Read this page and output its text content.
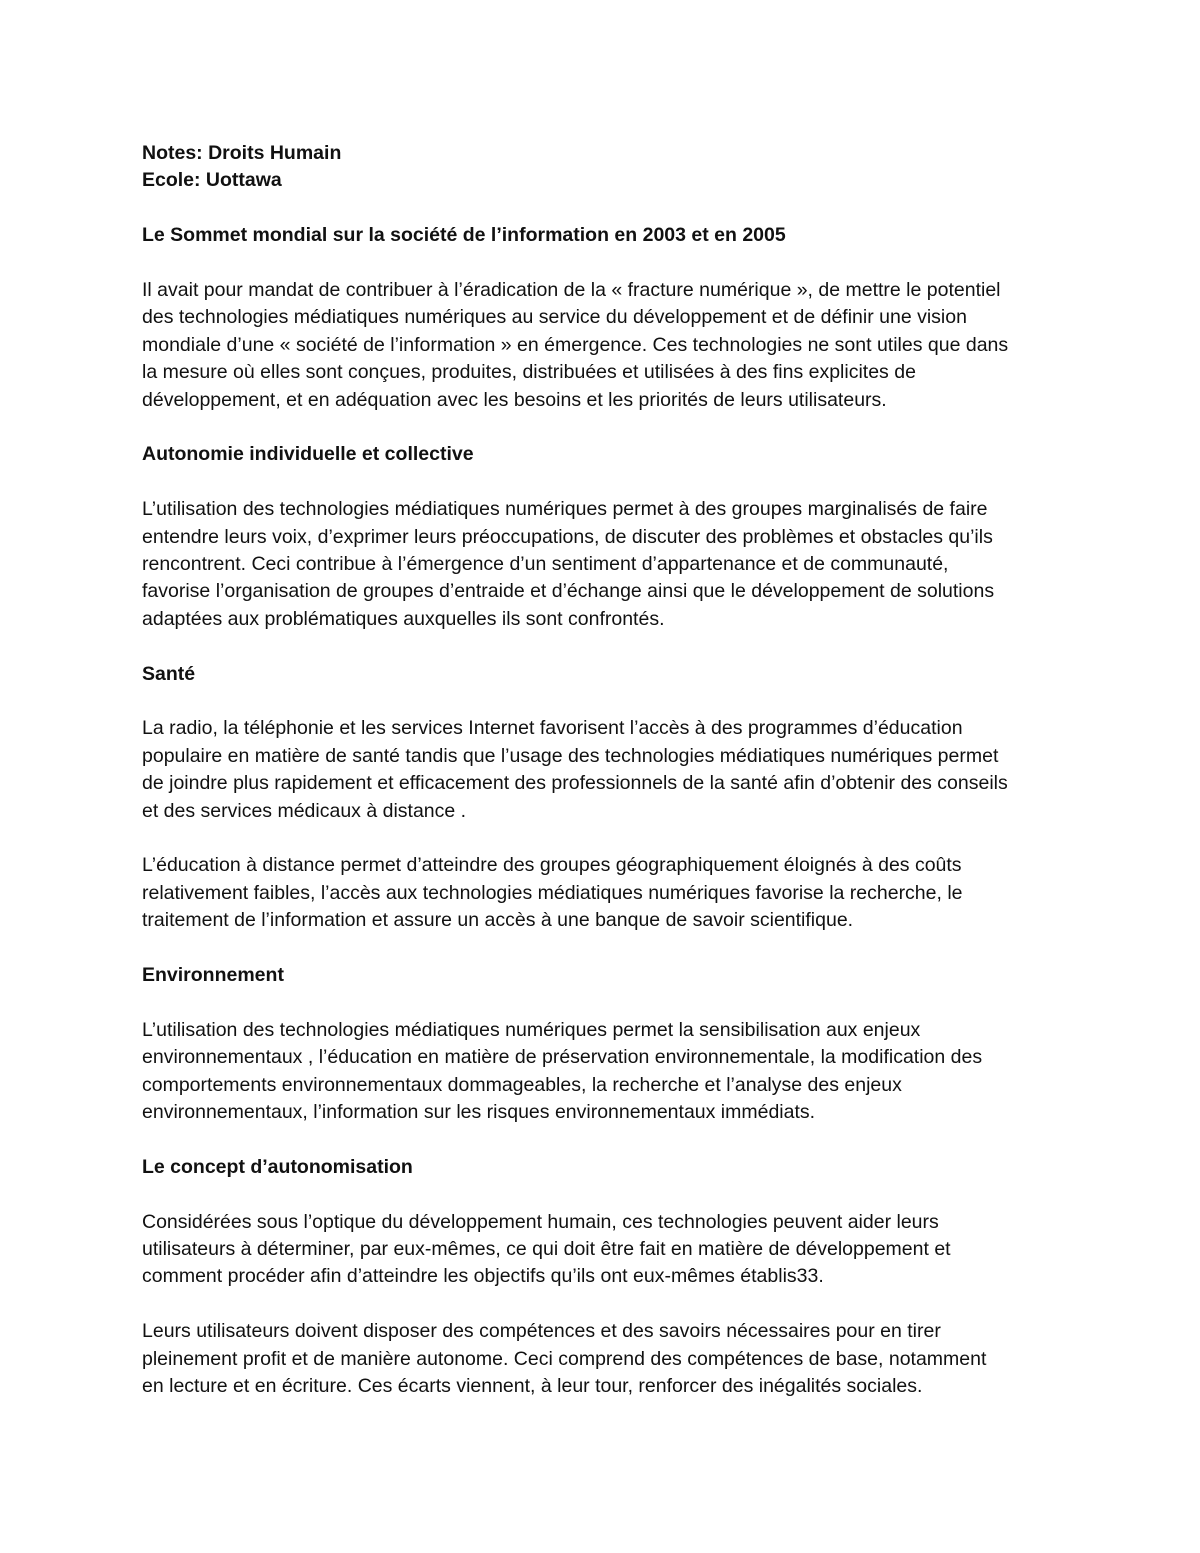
Notes: Droits Humain
Ecole: Uottawa
Le Sommet mondial sur la société de l’information en 2003 et en 2005
Il avait pour mandat de contribuer à l’éradication de la « fracture numérique », de mettre le potentiel
des technologies médiatiques numériques au service du développement et de définir une vision
mondiale d’une « société de l’information » en émergence. Ces technologies ne sont utiles que dans
la mesure où elles sont conçues, produites, distribuées et utilisées à des fins explicites de
développement, et en adéquation avec les besoins et les priorités de leurs utilisateurs.
Autonomie individuelle et collective
L’utilisation des technologies médiatiques numériques permet à des groupes marginalisés de faire
entendre leurs voix, d’exprimer leurs préoccupations, de discuter des problèmes et obstacles qu’ils
rencontrent. Ceci contribue à l’émergence d’un sentiment d’appartenance et de communauté,
favorise l’organisation de groupes d’entraide et d’échange ainsi que le développement de solutions
adaptées aux problématiques auxquelles ils sont confrontés.
Santé
La radio, la téléphonie et les services Internet favorisent l’accès à des programmes d’éducation
populaire en matière de santé tandis que l’usage des technologies médiatiques numériques permet
de joindre plus rapidement et efficacement des professionnels de la santé afin d’obtenir des conseils
et des services médicaux à distance .
L’éducation à distance permet d’atteindre des groupes géographiquement éloignés à des coûts
relativement faibles, l’accès aux technologies médiatiques numériques favorise la recherche, le
traitement de l’information et assure un accès à une banque de savoir scientifique.
Environnement
L’utilisation des technologies médiatiques numériques permet la sensibilisation aux enjeux
environnementaux , l’éducation en matière de préservation environnementale, la modification des
comportements environnementaux dommageables, la recherche et l’analyse des enjeux
environnementaux, l’information sur les risques environnementaux immédiats.
Le concept d’autonomisation
Considérées sous l’optique du développement humain, ces technologies peuvent aider leurs
utilisateurs à déterminer, par eux-mêmes, ce qui doit être fait en matière de développement et
comment procéder afin d’atteindre les objectifs qu’ils ont eux-mêmes établis33.
Leurs utilisateurs doivent disposer des compétences et des savoirs nécessaires pour en tirer
pleinement profit et de manière autonome. Ceci comprend des compétences de base, notamment
en lecture et en écriture. Ces écarts viennent, à leur tour, renforcer des inégalités sociales.
